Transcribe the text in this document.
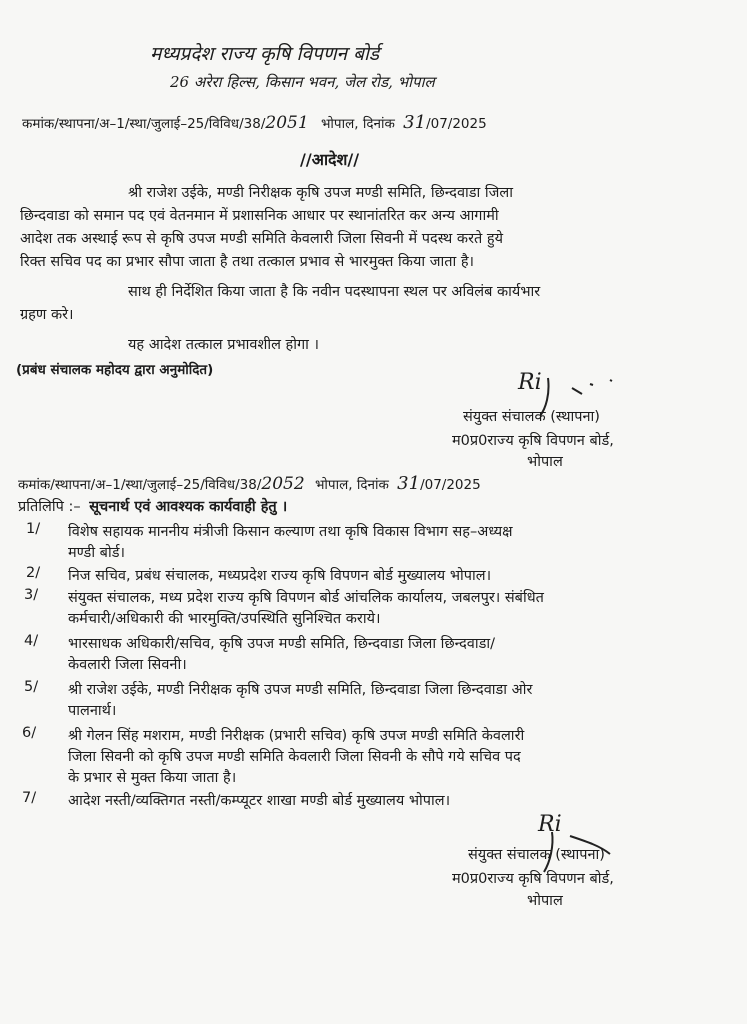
मध्यप्रदेश राज्य कृषि विपणन बोर्ड
26 अरेरा हिल्स, किसान भवन, जेल रोड, भोपाल
कमांक/स्थापना/अ–1/स्था/जुलाई–25/विविध/38/2051 भोपाल, दिनांक 31/07/2025
//आदेश//
श्री राजेश उईके, मण्डी निरीक्षक कृषि उपज मण्डी समिति, छिन्दवाडा जिला
छिन्दवाडा को समान पद एवं वेतनमान में प्रशासनिक आधार पर स्थानांतरित कर अन्य आगामी
आदेश तक अस्थाई रूप से कृषि उपज मण्डी समिति केवलारी जिला सिवनी में पदस्थ करते हुये
रिक्त सचिव पद का प्रभार सौपा जाता है तथा तत्काल प्रभाव से भारमुक्त किया जाता है।
साथ ही निर्देशित किया जाता है कि नवीन पदस्थापना स्थल पर अविलंब कार्यभार
ग्रहण करे।
यह आदेश तत्काल प्रभावशील होगा ।
(प्रबंध संचालक महोदय द्वारा अनुमोदित)	Ri
संयुक्त संचालक (स्थापना)
म0प्र0राज्य कृषि विपणन बोर्ड,
भोपाल
कमांक/स्थापना/अ–1/स्था/जुलाई–25/विविध/38/2052 भोपाल, दिनांक 31/07/2025
प्रतिलिपि :– सूचनार्थ एवं आवश्यक कार्यवाही हेतु ।
1/ विशेष सहायक माननीय मंत्रीजी किसान कल्याण तथा कृषि विकास विभाग सह–अध्यक्ष
मण्डी बोर्ड।
2/ निज सचिव, प्रबंध संचालक, मध्यप्रदेश राज्य कृषि विपणन बोर्ड मुख्यालय भोपाल।
3/ संयुक्त संचालक, मध्य प्रदेश राज्य कृषि विपणन बोर्ड आंचलिक कार्यालय, जबलपुर। संबंधित
कर्मचारी/अधिकारी की भारमुक्ति/उपस्थिति सुनिश्चित कराये।
4/ भारसाधक अधिकारी/सचिव, कृषि उपज मण्डी समिति, छिन्दवाडा जिला छिन्दवाडा/
केवलारी जिला सिवनी।
5/ श्री राजेश उईके, मण्डी निरीक्षक कृषि उपज मण्डी समिति, छिन्दवाडा जिला छिन्दवाडा ओर
पालनार्थ।
6/ श्री गेलन सिंह मशराम, मण्डी निरीक्षक (प्रभारी सचिव) कृषि उपज मण्डी समिति केवलारी
जिला सिवनी को कृषि उपज मण्डी समिति केवलारी जिला सिवनी के सौपे गये सचिव पद
के प्रभार से मुक्त किया जाता है।
7/ आदेश नस्ती/व्यक्तिगत नस्ती/कम्प्यूटर शाखा मण्डी बोर्ड मुख्यालय भोपाल।
Ri
संयुक्त संचालक (स्थापना)
म0प्र0राज्य कृषि विपणन बोर्ड,
भोपाल
